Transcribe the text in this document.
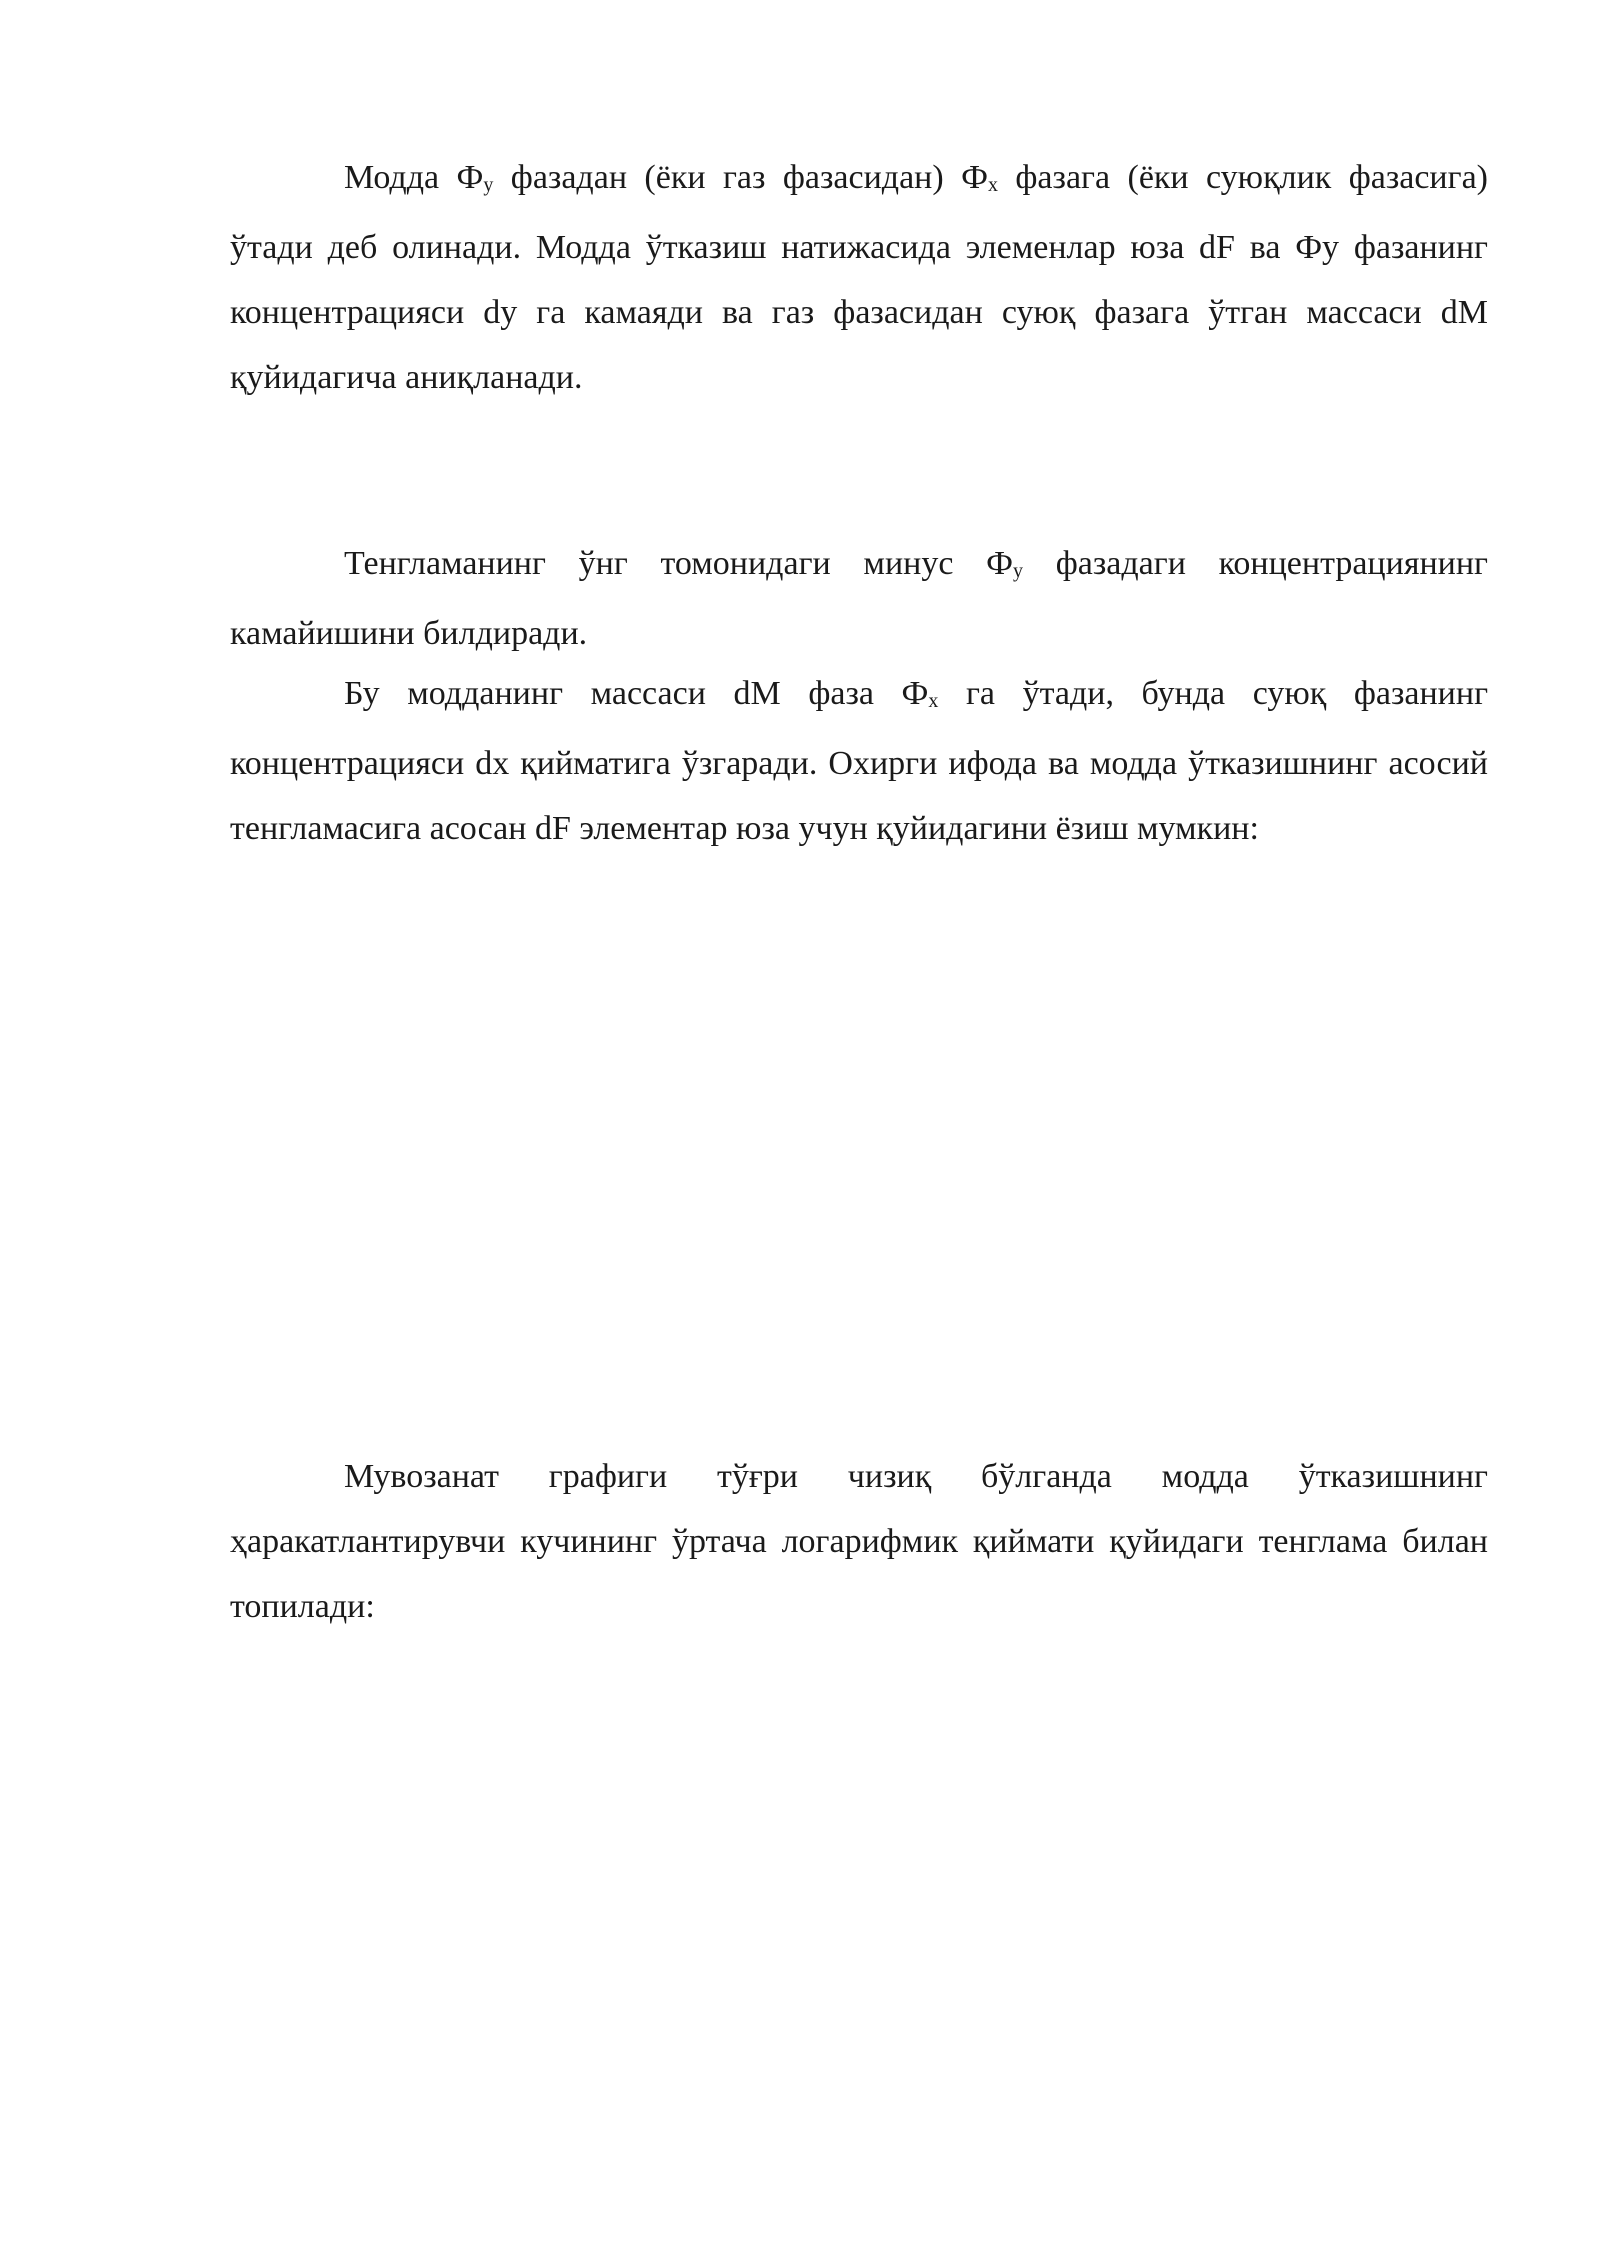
Модда Фy фазадан (ёки газ фазасидан) Фx фазага (ёки суюқлик фазасига) ўтади деб олинади. Модда ўтказиш натижасида элеменлар юза dF ва Фу фазанинг концентрацияси dy га камаяди ва газ фазасидан суюқ фазага ўтган массаси dM қуйидагича аниқланади.

Тенгламанинг ўнг томонидаги минус Фy фазадаги концентрациянинг камайишини билдиради.

Бу модданинг массаси dM фаза Фx га ўтади, бунда суюқ фазанинг концентрацияси dx қийматига ўзгаради. Охирги ифода ва модда ўтказишнинг асосий тенгламасига асосан dF элементар юза учун қуйидагини ёзиш мумкин:

Мувозанат графиги тўғри чизиқ бўлганда модда ўтказишнинг ҳаракатлантирувчи кучининг ўртача логарифмик қиймати қуйидаги тенглама билан топилади:
